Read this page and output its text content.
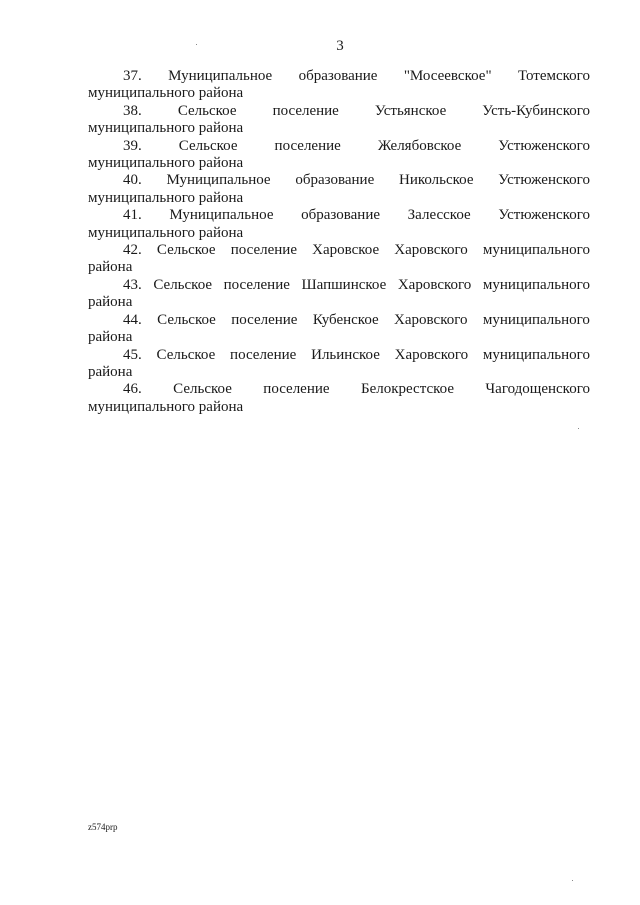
3
37. Муниципальное образование "Мосеевское" Тотемского
муниципального района
38. Сельское поселение Устьянское Усть-Кубинского
муниципального района
39. Сельское поселение Желябовское Устюженского
муниципального района
40. Муниципальное образование Никольское Устюженского
муниципального района
41. Муниципальное образование Залесское Устюженского
муниципального района
42. Сельское поселение Харовское Харовского муниципального
района
43. Сельское поселение Шапшинское Харовского муниципального
района
44. Сельское поселение Кубенское Харовского муниципального
района
45. Сельское поселение Ильинское Харовского муниципального
района
46. Сельское поселение Белокрестское Чагодощенского
муниципального района
z574prp
